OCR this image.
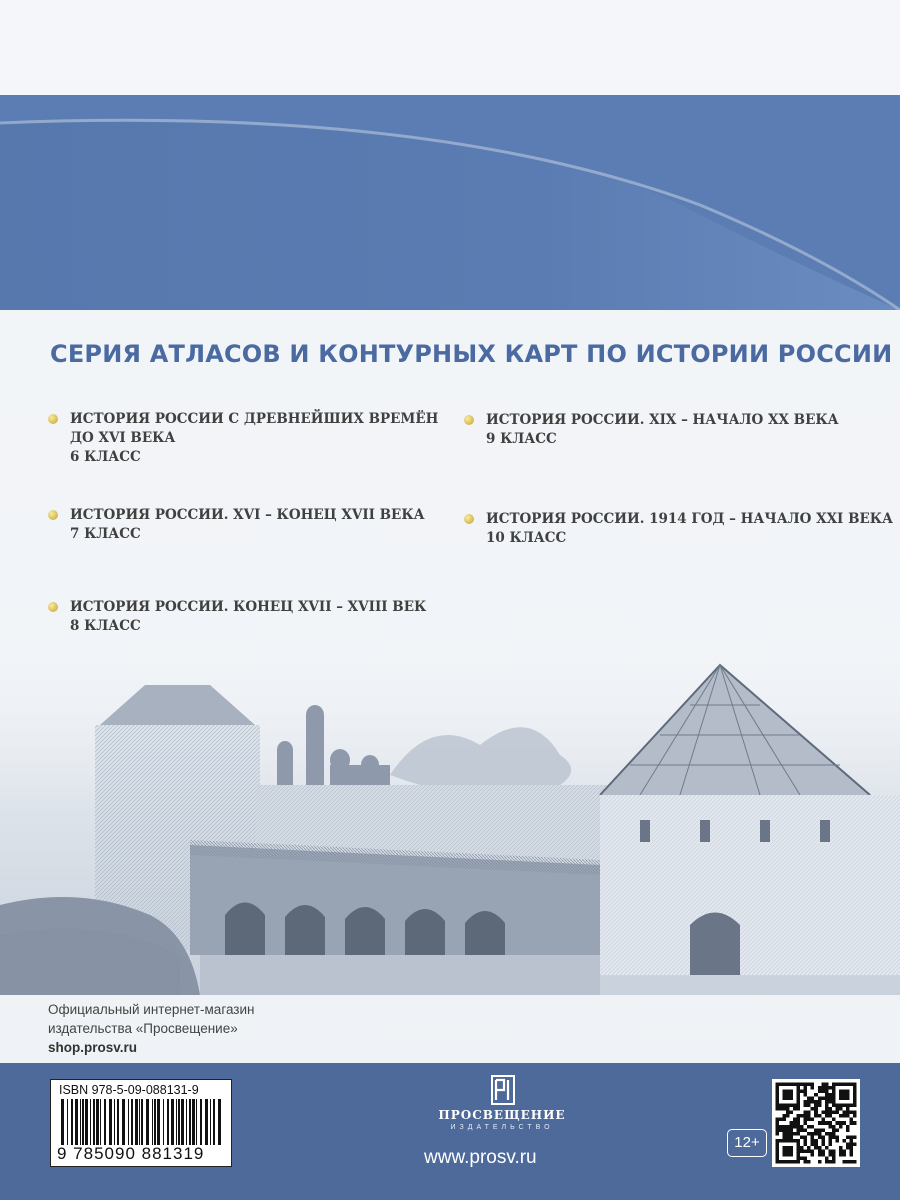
СЕРИЯ АТЛАСОВ И КОНТУРНЫХ КАРТ ПО ИСТОРИИ РОССИИ
ИСТОРИЯ РОССИИ С ДРЕВНЕЙШИХ ВРЕМЁН
ДО XVI ВЕКА
6 КЛАСС
ИСТОРИЯ РОССИИ. XIX – НАЧАЛО XX ВЕКА
9 КЛАСС
ИСТОРИЯ РОССИИ. XVI – КОНЕЦ XVII ВЕКА
7 КЛАСС
ИСТОРИЯ РОССИИ. 1914 ГОД – НАЧАЛО XXI ВЕКА
10 КЛАСС
ИСТОРИЯ РОССИИ. КОНЕЦ XVII – XVIII ВЕК
8 КЛАСС
Официальный интернет-магазин
издательства «Просвещение»
shop.prosv.ru
ISBN 978-5-09-088131-9
9 785090 881319
ПРОСВЕЩЕНИЕ
ИЗДАТЕЛЬСТВО
www.prosv.ru
12+
